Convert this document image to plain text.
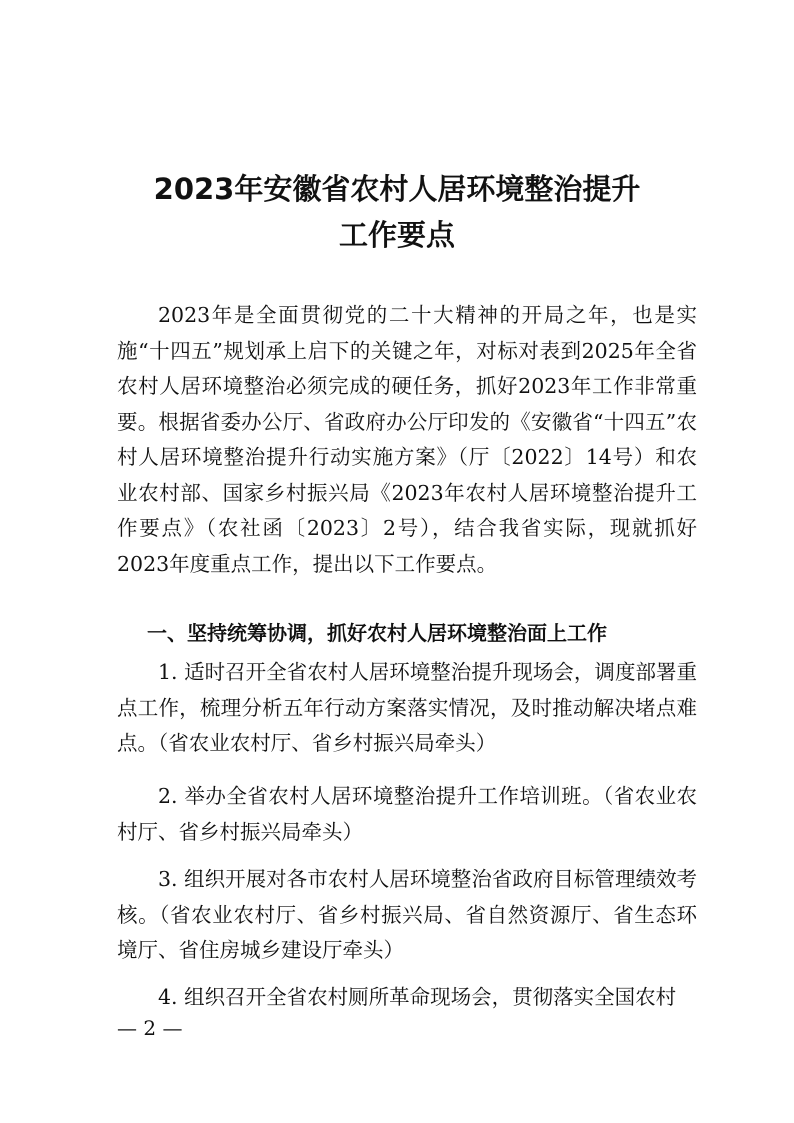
2023年安徽省农村人居环境整治提升
工作要点

2023年是全面贯彻党的二十大精神的开局之年，也是实施“十四五”规划承上启下的关键之年，对标对表到2025年全省农村人居环境整治必须完成的硬任务，抓好2023年工作非常重要。根据省委办公厅、省政府办公厅印发的《安徽省“十四五”农村人居环境整治提升行动实施方案》（厅〔2022〕14号）和农业农村部、国家乡村振兴局《2023年农村人居环境整治提升工作要点》（农社函〔2023〕2号），结合我省实际，现就抓好2023年度重点工作，提出以下工作要点。

一、坚持统筹协调，抓好农村人居环境整治面上工作

1. 适时召开全省农村人居环境整治提升现场会，调度部署重点工作，梳理分析五年行动方案落实情况，及时推动解决堵点难点。（省农业农村厅、省乡村振兴局牵头）

2. 举办全省农村人居环境整治提升工作培训班。（省农业农村厅、省乡村振兴局牵头）

3. 组织开展对各市农村人居环境整治省政府目标管理绩效考核。（省农业农村厅、省乡村振兴局、省自然资源厅、省生态环境厅、省住房城乡建设厅牵头）

4. 组织召开全省农村厕所革命现场会，贯彻落实全国农村

— 2 —
